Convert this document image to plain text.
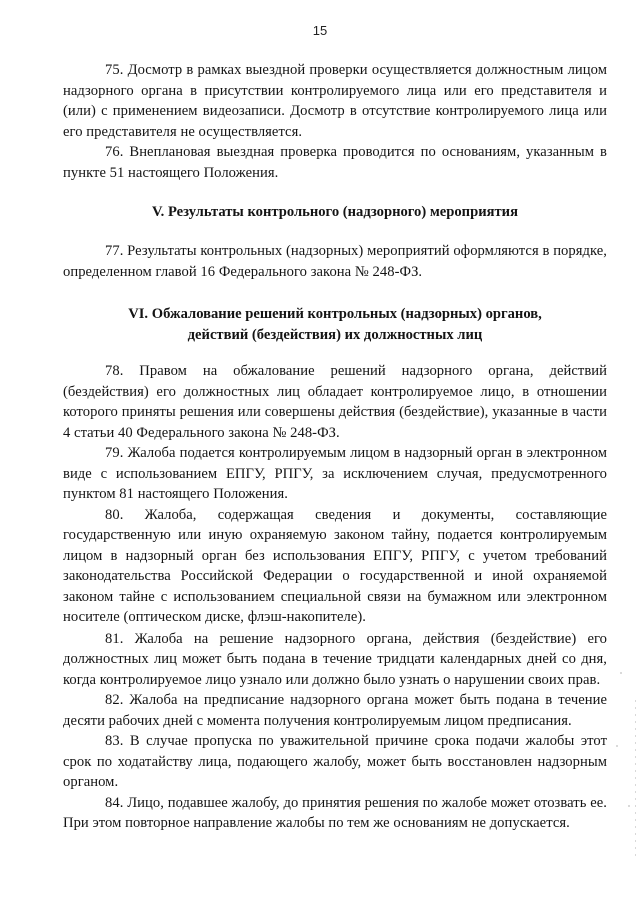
15

75. Досмотр в рамках выездной проверки осуществляется должностным лицом надзорного органа в присутствии контролируемого лица или его представителя и (или) с применением видеозаписи. Досмотр в отсутствие контролируемого лица или его представителя не осуществляется.

76. Внеплановая выездная проверка проводится по основаниям, указанным в пункте 51 настоящего Положения.

V. Результаты контрольного (надзорного) мероприятия

77. Результаты контрольных (надзорных) мероприятий оформляются в порядке, определенном главой 16 Федерального закона № 248-ФЗ.

VI. Обжалование решений контрольных (надзорных) органов,
действий (бездействия) их должностных лиц

78. Правом на обжалование решений надзорного органа, действий (бездействия) его должностных лиц обладает контролируемое лицо, в отношении которого приняты решения или совершены действия (бездействие), указанные в части 4 статьи 40 Федерального закона № 248-ФЗ.

79. Жалоба подается контролируемым лицом в надзорный орган в электронном виде с использованием ЕПГУ, РПГУ, за исключением случая, предусмотренного пунктом 81 настоящего Положения.

80. Жалоба, содержащая сведения и документы, составляющие государственную или иную охраняемую законом тайну, подается контролируемым лицом в надзорный орган без использования ЕПГУ, РПГУ, с учетом требований законодательства Российской Федерации о государственной и иной охраняемой законом тайне с использованием специальной связи на бумажном или электронном носителе (оптическом диске, флэш-накопителе).

81. Жалоба на решение надзорного органа, действия (бездействие) его должностных лиц может быть подана в течение тридцати календарных дней со дня, когда контролируемое лицо узнало или должно было узнать о нарушении своих прав.

82. Жалоба на предписание надзорного органа может быть подана в течение десяти рабочих дней с момента получения контролируемым лицом предписания.

83. В случае пропуска по уважительной причине срока подачи жалобы этот срок по ходатайству лица, подающего жалобу, может быть восстановлен надзорным органом.

84. Лицо, подавшее жалобу, до принятия решения по жалобе может отозвать ее. При этом повторное направление жалобы по тем же основаниям не допускается.
